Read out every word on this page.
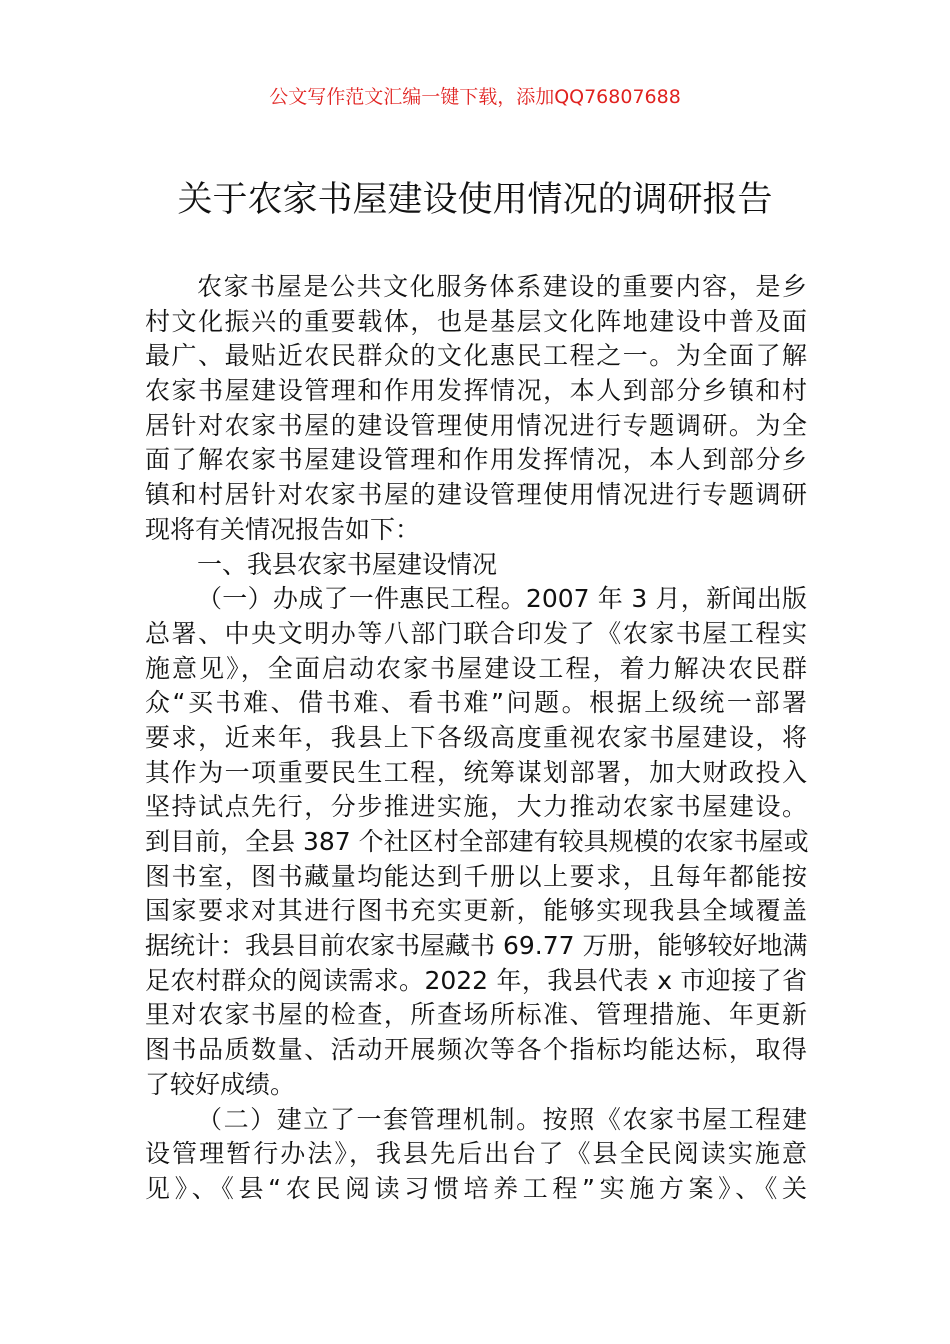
公文写作范文汇编一键下载，添加QQ76807688
关于农家书屋建设使用情况的调研报告
农家书屋是公共文化服务体系建设的重要内容，是乡
村文化振兴的重要载体，也是基层文化阵地建设中普及面
最广、最贴近农民群众的文化惠民工程之一。为全面了解
农家书屋建设管理和作用发挥情况，本人到部分乡镇和村
居针对农家书屋的建设管理使用情况进行专题调研。为全
面了解农家书屋建设管理和作用发挥情况，本人到部分乡
镇和村居针对农家书屋的建设管理使用情况进行专题调研
现将有关情况报告如下：
一、我县农家书屋建设情况
（一）办成了一件惠民工程。2007 年 3 月，新闻出版
总署、中央文明办等八部门联合印发了《农家书屋工程实
施意见》，全面启动农家书屋建设工程，着力解决农民群
众“买书难、借书难、看书难”问题。根据上级统一部署
要求，近来年，我县上下各级高度重视农家书屋建设，将
其作为一项重要民生工程，统筹谋划部署，加大财政投入
坚持试点先行，分步推进实施，大力推动农家书屋建设。
到目前，全县 387 个社区村全部建有较具规模的农家书屋或
图书室，图书藏量均能达到千册以上要求，且每年都能按
国家要求对其进行图书充实更新，能够实现我县全域覆盖
据统计：我县目前农家书屋藏书 69.77 万册，能够较好地满
足农村群众的阅读需求。2022 年，我县代表 x 市迎接了省
里对农家书屋的检查，所查场所标准、管理措施、年更新
图书品质数量、活动开展频次等各个指标均能达标，取得
了较好成绩。
（二）建立了一套管理机制。按照《农家书屋工程建
设管理暂行办法》，我县先后出台了《县全民阅读实施意
见》、《县“农民阅读习惯培养工程”实施方案》、《关
